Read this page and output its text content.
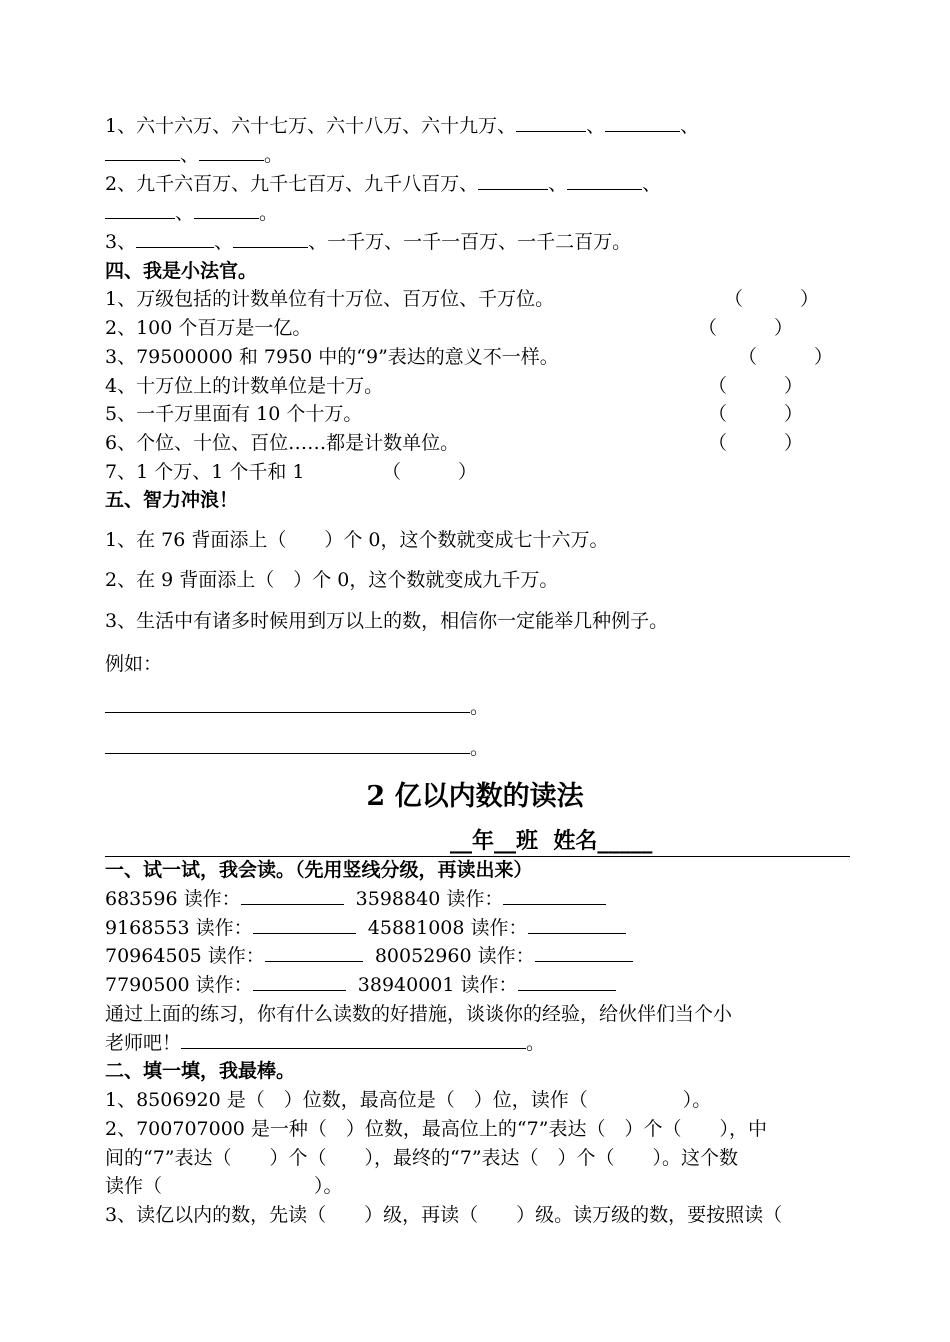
1、六十六万、六十七万、六十八万、六十九万、	、	、
、	。
2、九千六百万、九千七百万、九千八百万、	、	、
、	。
3、	、	、一千万、一千一百万、一千二百万。
四、我是小法官。
1、万级包括的计数单位有十万位、百万位、千万位。	（　　　）
2、100 个百万是一亿。	（　　　）
3、79500000 和 7950 中的“9”表达的意义不一样。	（　　　）
4、十万位上的计数单位是十万。	（　　　）
5、一千万里面有 10 个十万。	（　　　）
6、个位、十位、百位……都是计数单位。	（　　　）
7、1 个万、1 个千和 1	（　　　）
五、智力冲浪！
1、在 76 背面添上（　　）个 0，这个数就变成七十六万。
2、在 9 背面添上（　）个 0，这个数就变成九千万。
3、生活中有诸多时候用到万以上的数，相信你一定能举几种例子。
例如：
。
。
2 亿以内数的读法
__年__班  姓名_____
一、试一试，我会读。（先用竖线分级，再读出来）
683596 读作：	3598840 读作：
9168553 读作：	45881008 读作：
70964505 读作：	80052960 读作：
7790500 读作：	38940001 读作：
通过上面的练习，你有什么读数的好措施，谈谈你的经验，给伙伴们当个小
老师吧！	。
二、填一填，我最棒。
1、8506920 是（　）位数，最高位是（　）位，读作（　　　　　）。
2、700707000 是一种（　）位数，最高位上的“7”表达（　）个（　　），中
间的“7”表达（　　）个（　　），最终的“7”表达（　）个（　　）。这个数
读作（　　　　　　　　）。
3、读亿以内的数，先读（　　）级，再读（　　）级。读万级的数，要按照读（
